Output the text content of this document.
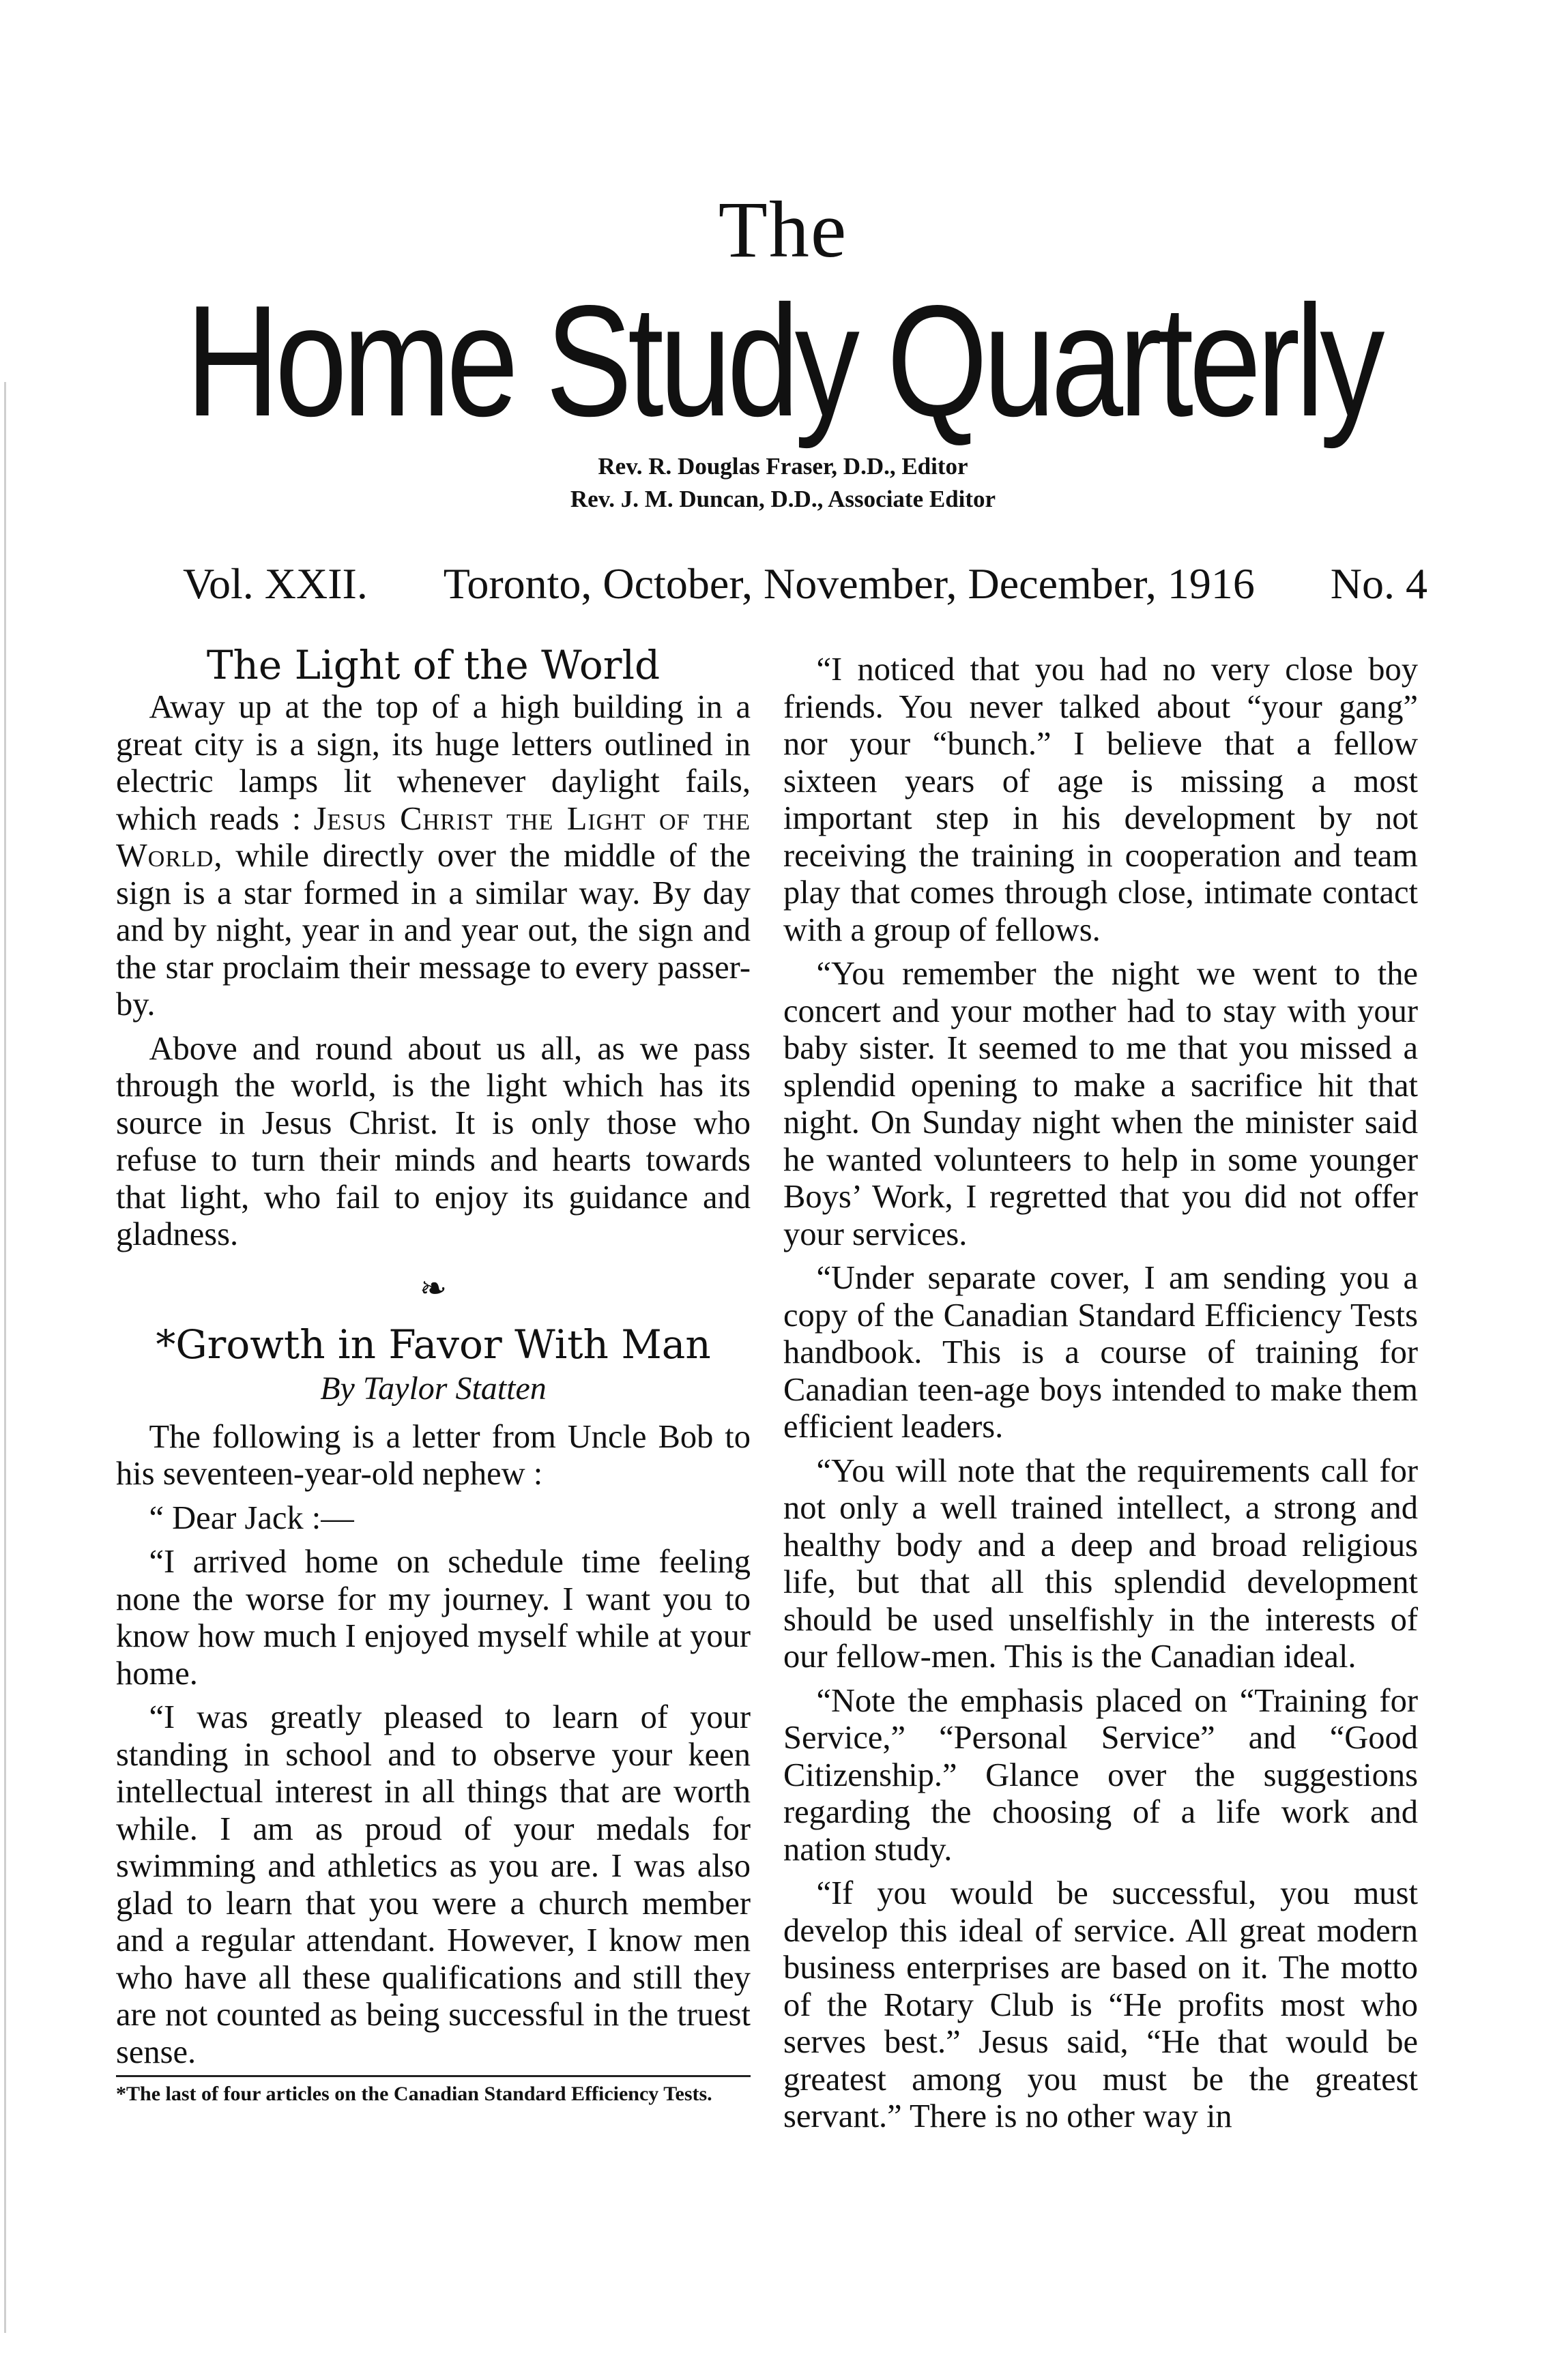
The
Home Study Quarterly
Rev. R. Douglas Fraser, D.D., Editor
Rev. J. M. Duncan, D.D., Associate Editor
Vol. XXII. Toronto, October, November, December, 1916 No. 4
The Light of the World

Away up at the top of a high building in a great city is a sign, its huge letters outlined in electric lamps lit whenever daylight fails, which reads : Jesus Christ the Light of the World, while directly over the middle of the sign is a star formed in a similar way. By day and by night, year in and year out, the sign and the star proclaim their message to every passer-by.

Above and round about us all, as we pass through the world, is the light which has its source in Jesus Christ. It is only those who refuse to turn their minds and hearts towards that light, who fail to enjoy its guidance and gladness.

❧
*Growth in Favor With Man
By Taylor Statten

The following is a letter from Uncle Bob to his seventeen-year-old nephew :

“ Dear Jack :—

“I arrived home on schedule time feeling none the worse for my journey. I want you to know how much I enjoyed myself while at your home.

“I was greatly pleased to learn of your standing in school and to observe your keen intellectual interest in all things that are worth while. I am as proud of your medals for swimming and athletics as you are. I was also glad to learn that you were a church member and a regular attendant. However, I know men who have all these qualifications and still they are not counted as being successful in the truest sense.

*The last of four articles on the Canadian Standard Efficiency Tests.

“I noticed that you had no very close boy friends. You never talked about “your gang” nor your “bunch.” I believe that a fellow sixteen years of age is missing a most important step in his development by not receiving the training in cooperation and team play that comes through close, intimate contact with a group of fellows.

“You remember the night we went to the concert and your mother had to stay with your baby sister. It seemed to me that you missed a splendid opening to make a sacrifice hit that night. On Sunday night when the minister said he wanted volunteers to help in some younger Boys’ Work, I regretted that you did not offer your services.

“Under separate cover, I am sending you a copy of the Canadian Standard Efficiency Tests handbook. This is a course of training for Canadian teen-age boys intended to make them efficient leaders.

“You will note that the requirements call for not only a well trained intellect, a strong and healthy body and a deep and broad religious life, but that all this splendid development should be used unselfishly in the interests of our fellow-men. This is the Canadian ideal.

“Note the emphasis placed on “Training for Service,” “Personal Service” and “Good Citizenship.” Glance over the suggestions regarding the choosing of a life work and nation study.

“If you would be successful, you must develop this ideal of service. All great modern business enterprises are based on it. The motto of the Rotary Club is “He profits most who serves best.” Jesus said, “He that would be greatest among you must be the greatest servant.” There is no other way in
